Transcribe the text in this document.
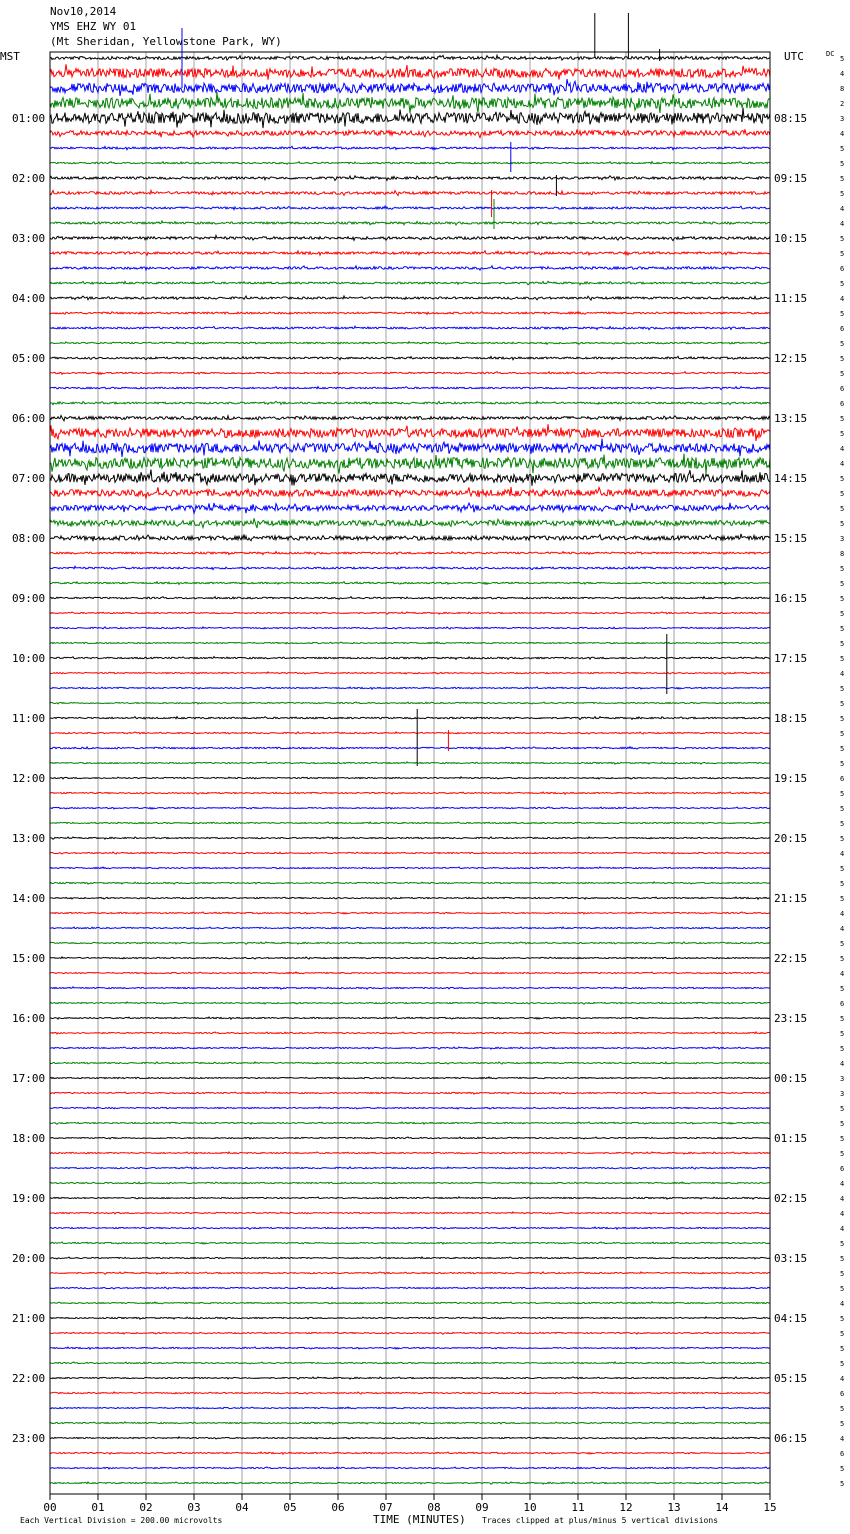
Nov10,2014
YMS EHZ WY 01
(Mt Sheridan, Yellowstone Park, WY)
MST	UTC	DC
01:00
02:00
03:00
04:00
05:00
06:00
07:00
08:00
09:00
10:00
11:00
12:00
13:00
14:00
15:00
16:00
17:00
18:00
19:00
20:00
21:00
22:00
23:00
08:15
09:15
10:15
11:15
12:15
13:15
14:15
15:15
16:15
17:15
18:15
19:15
20:15
21:15
22:15
23:15
00:15
01:15
02:15
03:15
04:15
05:15
06:15
5
4
8
2
3
4
5
5
5
5
4
4
5
5
6
5
4
5
6
5
5
5
6
6
5
5
4
4
5
5
5
5
3
8
5
5
5
5
5
5
5
4
5
5
5
5
5
5
6
5
5
5
5
4
5
5
5
4
4
5
5
4
5
6
5
5
5
4
3
3
5
5
5
5
6
4
4
4
4
5
5
5
5
4
5
5
5
5
4
6
5
5
4
6
5
5
00	01	02	03	04	05	06	07	08	09	10	11	12	13	14	15
Each Vertical Division = 200.00 microvolts	TIME (MINUTES) Traces clipped at plus/minus 5 vertical divisions
